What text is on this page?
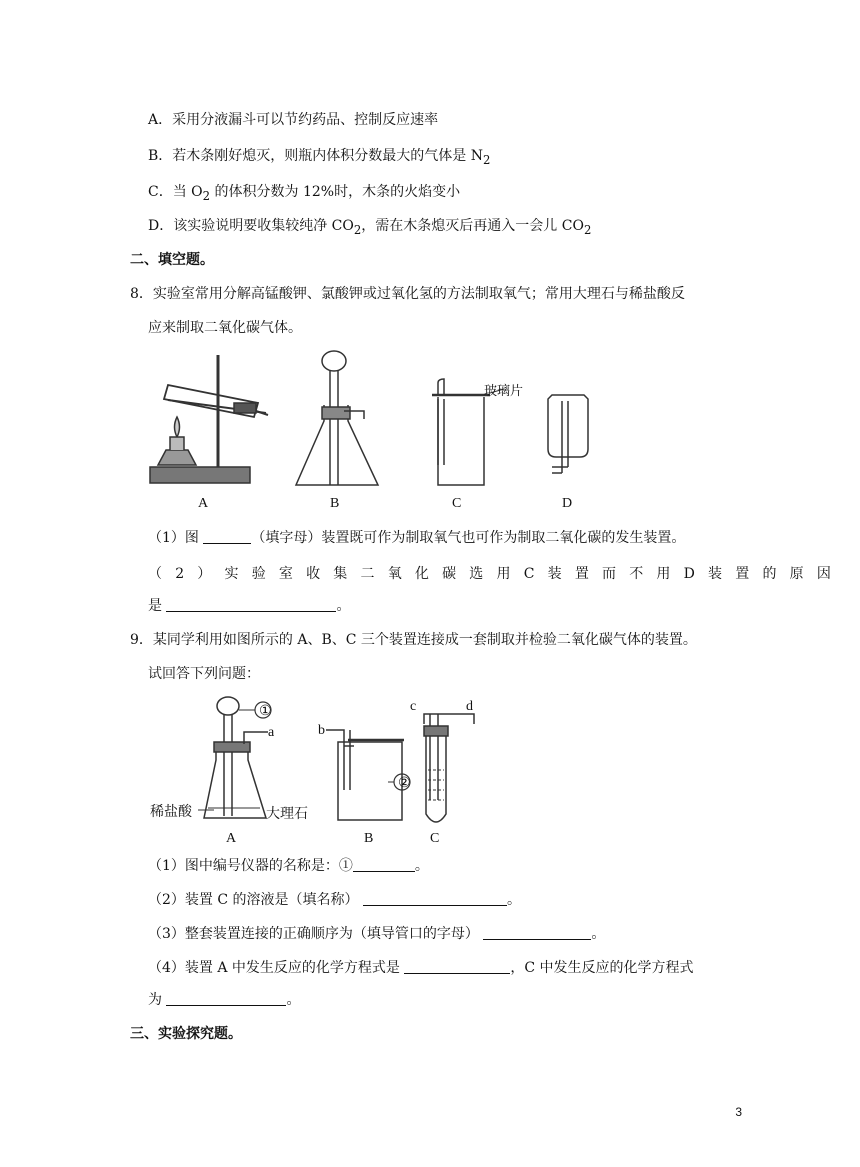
A．采用分液漏斗可以节约药品、控制反应速率
B．若木条刚好熄灭，则瓶内体积分数最大的气体是 $N_2$
C．当 $O_2$ 的体积分数为 12%时，木条的火焰变小
D．该实验说明要收集较纯净 $CO_2$，需在木条熄灭后再通入一会儿 $CO_2$
二、填空题。
8．实验室常用分解高锰酸钾、氯酸钾或过氧化氢的方法制取氧气；常用大理石与稀盐酸反
应来制取二氧化碳气体。
A	B
玻璃片
C	D
（1）图	（填字母）装置既可作为制取氧气也可作为制取二氧化碳的发生装置。
（2）实验室收集二氧化碳选用C装置而不用D装置的原因
是	。
9．某同学利用如图所示的 A、B、C 三个装置连接成一套制取并检验二氧化碳气体的装置。
试回答下列问题：
①
a
稀盐酸	大理石
A
②
b
B
c	d
C
（1）图中编号仪器的名称是：①	。
（2）装置 C 的溶液是（填名称）	。
（3）整套装置连接的正确顺序为（填导管口的字母）	。
（4）装置 A 中发生反应的化学方程式是	，C 中发生反应的化学方程式
为	。
三、实验探究题。
3
